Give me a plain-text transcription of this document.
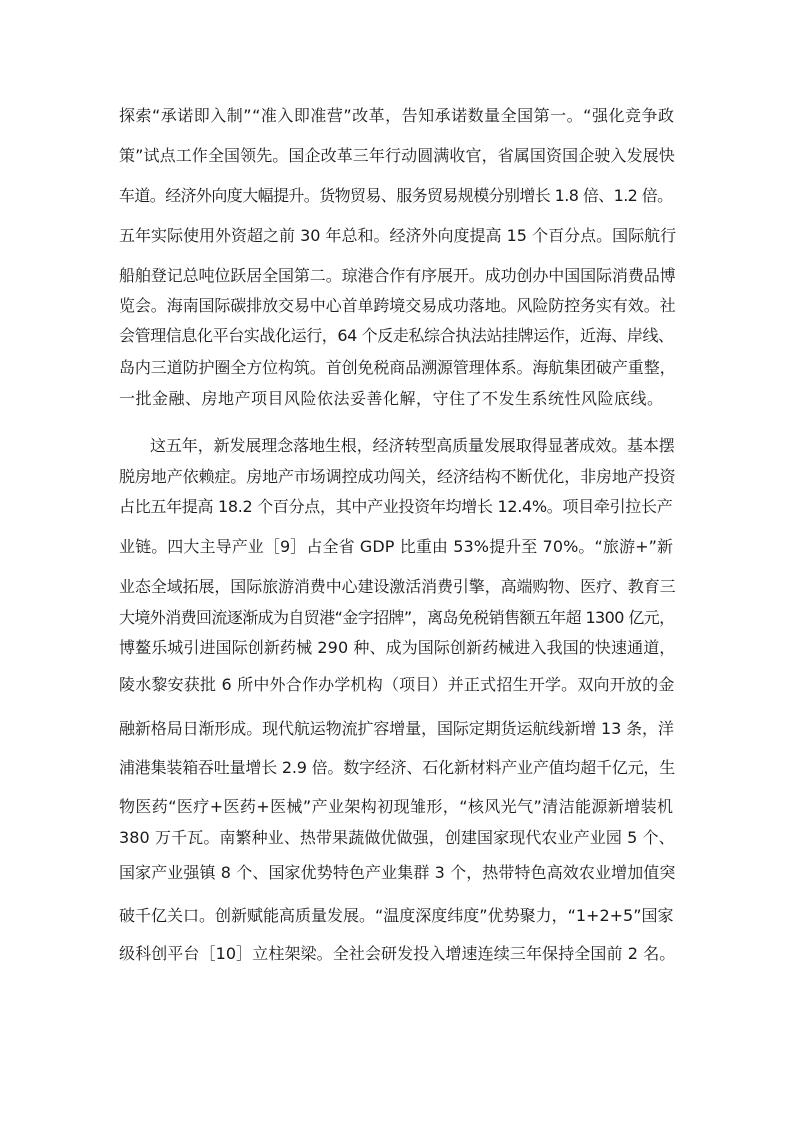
探索“承诺即入制”“准入即准营”改革，告知承诺数量全国第一。“强化竞争政
策”试点工作全国领先。国企改革三年行动圆满收官，省属国资国企驶入发展快
车道。经济外向度大幅提升。货物贸易、服务贸易规模分别增长 1.8 倍、1.2 倍。
五年实际使用外资超之前 30 年总和。经济外向度提高 15 个百分点。国际航行
船舶登记总吨位跃居全国第二。琼港合作有序展开。成功创办中国国际消费品博
览会。海南国际碳排放交易中心首单跨境交易成功落地。风险防控务实有效。社
会管理信息化平台实战化运行，64 个反走私综合执法站挂牌运作，近海、岸线、
岛内三道防护圈全方位构筑。首创免税商品溯源管理体系。海航集团破产重整，
一批金融、房地产项目风险依法妥善化解，守住了不发生系统性风险底线。
这五年，新发展理念落地生根，经济转型高质量发展取得显著成效。基本摆
脱房地产依赖症。房地产市场调控成功闯关，经济结构不断优化，非房地产投资
占比五年提高 18.2 个百分点，其中产业投资年均增长 12.4%。项目牵引拉长产
业链。四大主导产业［9］占全省 GDP 比重由 53%提升至 70%。“旅游+”新
业态全域拓展，国际旅游消费中心建设激活消费引擎，高端购物、医疗、教育三
大境外消费回流逐渐成为自贸港“金字招牌”，离岛免税销售额五年超 1300 亿元，
博鳌乐城引进国际创新药械 290 种、成为国际创新药械进入我国的快速通道，
陵水黎安获批 6 所中外合作办学机构（项目）并正式招生开学。双向开放的金
融新格局日渐形成。现代航运物流扩容增量，国际定期货运航线新增 13 条，洋
浦港集装箱吞吐量增长 2.9 倍。数字经济、石化新材料产业产值均超千亿元，生
物医药“医疗+医药+医械”产业架构初现雏形，“核风光气”清洁能源新增装机
380 万千瓦。南繁种业、热带果蔬做优做强，创建国家现代农业产业园 5 个、
国家产业强镇 8 个、国家优势特色产业集群 3 个，热带特色高效农业增加值突
破千亿关口。创新赋能高质量发展。“温度深度纬度”优势聚力，“1+2+5”国家
级科创平台［10］立柱架梁。全社会研发投入增速连续三年保持全国前 2 名。
